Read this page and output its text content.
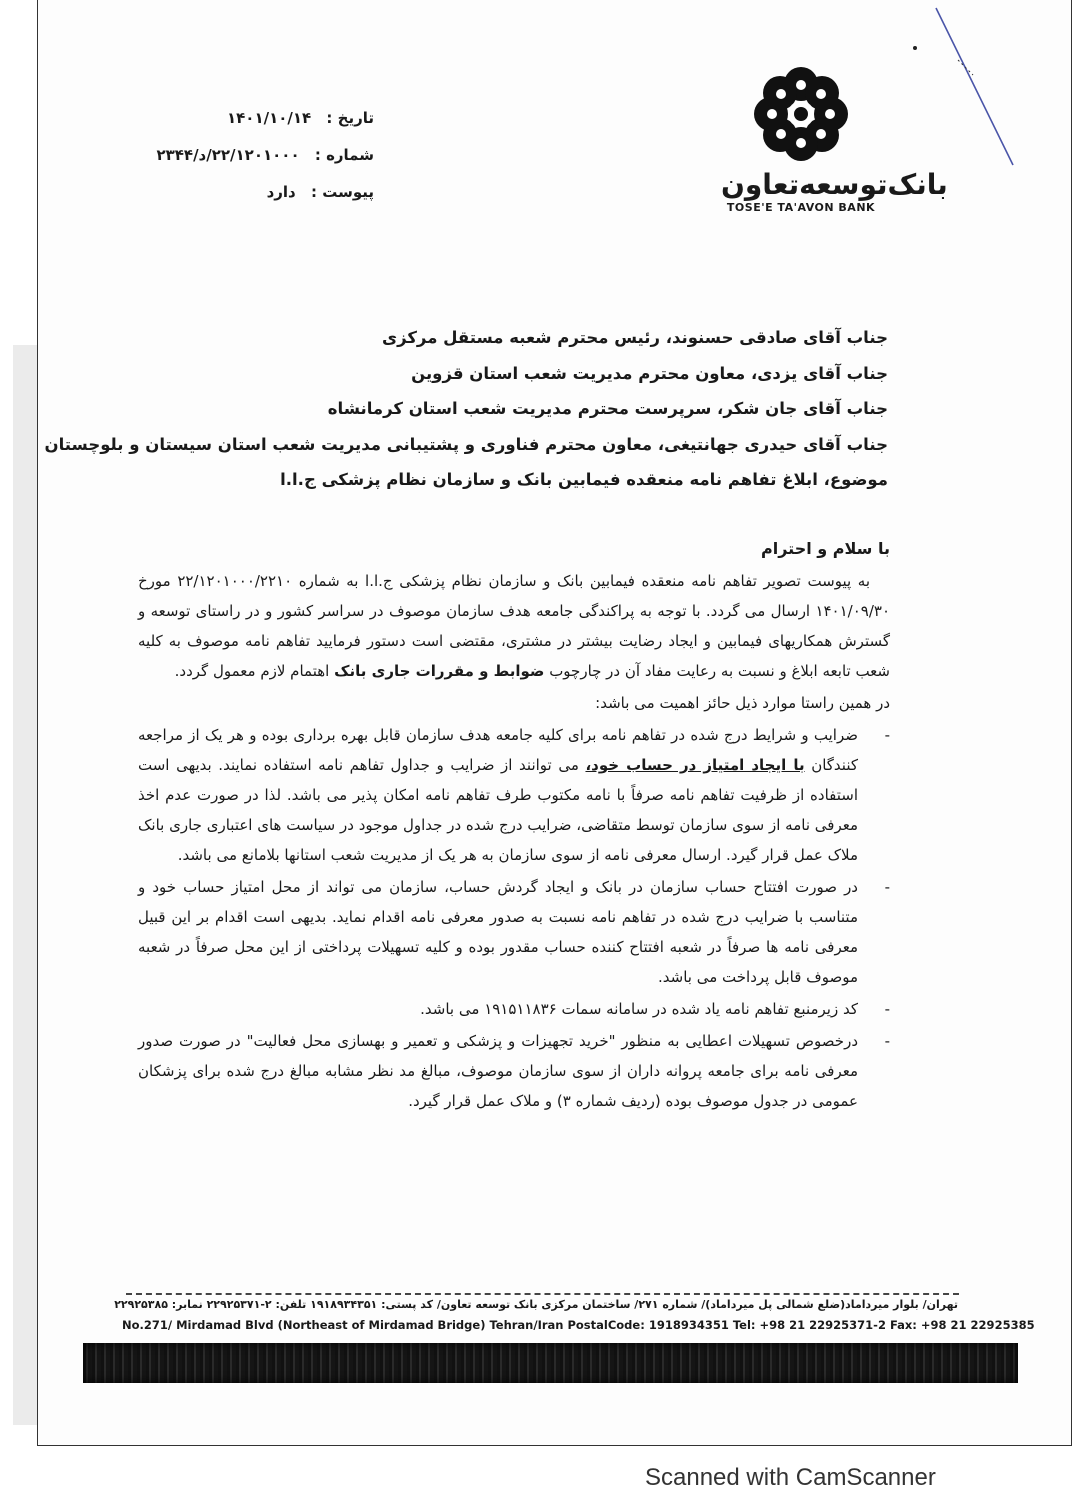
بانک‌توسعه‌تعاون
TOSE'E TA'AVON BANK
تاریخ : ۱۴۰۱/۱۰/۱۴
شماره : ۲۲/۱۲۰۱۰۰۰/د/۲۳۴۴
پیوست : دارد
جناب آقای صادقی حسنوند، رئیس محترم شعبه مستقل مرکزی
جناب آقای یزدی، معاون محترم مدیریت شعب استان قزوین
جناب آقای جان شکر، سرپرست محترم مدیریت شعب استان کرمانشاه
جناب آقای حیدری جهانتیغی، معاون محترم فناوری و پشتیبانی مدیریت شعب استان سیستان و بلوچستان
موضوع، ابلاغ تفاهم نامه منعقده فیمابین بانک و سازمان نظام پزشکی ج.ا.ا
با سلام و احترام
به پیوست تصویر تفاهم نامه منعقده فیمابین بانک و سازمان نظام پزشکی ج.ا.ا به شماره ۲۲/۱۲۰۱۰۰۰/۲۲۱۰ مورخ ۱۴۰۱/۰۹/۳۰ ارسال می گردد. با توجه به پراکندگی جامعه هدف سازمان موصوف در سراسر کشور و در راستای توسعه و گسترش همکاریهای فیمابین و ایجاد رضایت بیشتر در مشتری، مقتضی است دستور فرمایید تفاهم نامه موصوف به کلیه شعب تابعه ابلاغ و نسبت به رعایت مفاد آن در چارچوب ضوابط و مقررات جاری بانک اهتمام لازم معمول گردد.
در همین راستا موارد ذیل حائز اهمیت می باشد:
-
ضرایب و شرایط درج شده در تفاهم نامه برای کلیه جامعه هدف سازمان قابل بهره برداری بوده و هر یک از مراجعه کنندگان با ایجاد امتیاز در حساب خود، می توانند از ضرایب و جداول تفاهم نامه استفاده نمایند. بدیهی است استفاده از ظرفیت تفاهم نامه صرفاً با نامه مکتوب طرف تفاهم نامه امکان پذیر می باشد. لذا در صورت عدم اخذ معرفی نامه از سوی سازمان توسط متقاضی، ضرایب درج شده در جداول موجود در سیاست های اعتباری جاری بانک ملاک عمل قرار گیرد. ارسال معرفی نامه از سوی سازمان به هر یک از مدیریت شعب استانها بلامانع می باشد.
-
در صورت افتتاح حساب سازمان در بانک و ایجاد گردش حساب، سازمان می تواند از محل امتیاز حساب خود و متناسب با ضرایب درج شده در تفاهم نامه نسبت به صدور معرفی نامه اقدام نماید. بدیهی است اقدام بر این قبیل معرفی نامه ها صرفاً در شعبه افتتاح کننده حساب مقدور بوده و کلیه تسهیلات پرداختی از این محل صرفاً در شعبه موصوف قابل پرداخت می باشد.
-
کد زیرمنبع تفاهم نامه یاد شده در سامانه سمات ۱۹۱۵۱۱۸۳۶ می باشد.
-
درخصوص تسهیلات اعطایی به منظور "خرید تجهیزات و پزشکی و تعمیر و بهسازی محل فعالیت" در صورت صدور معرفی نامه برای جامعه پروانه داران از سوی سازمان موصوف، مبالغ مد نظر مشابه مبالغ درج شده برای پزشکان عمومی در جدول موصوف بوده (ردیف شماره ۳) و ملاک عمل قرار گیرد.
تهران/ بلوار میرداماد(ضلع شمالی پل میرداماد)/ شماره ۲۷۱/ ساختمان مرکزی بانک توسعه تعاون/ کد پستی: ۱۹۱۸۹۳۴۳۵۱ تلفن: ۲-۲۲۹۲۵۳۷۱ نمابر: ۲۲۹۲۵۳۸۵
No.271/ Mirdamad Blvd (Northeast of Mirdamad Bridge) Tehran/Iran PostalCode: 1918934351 Tel: +98 21 22925371-2 Fax: +98 21 22925385
Scanned with CamScanner
